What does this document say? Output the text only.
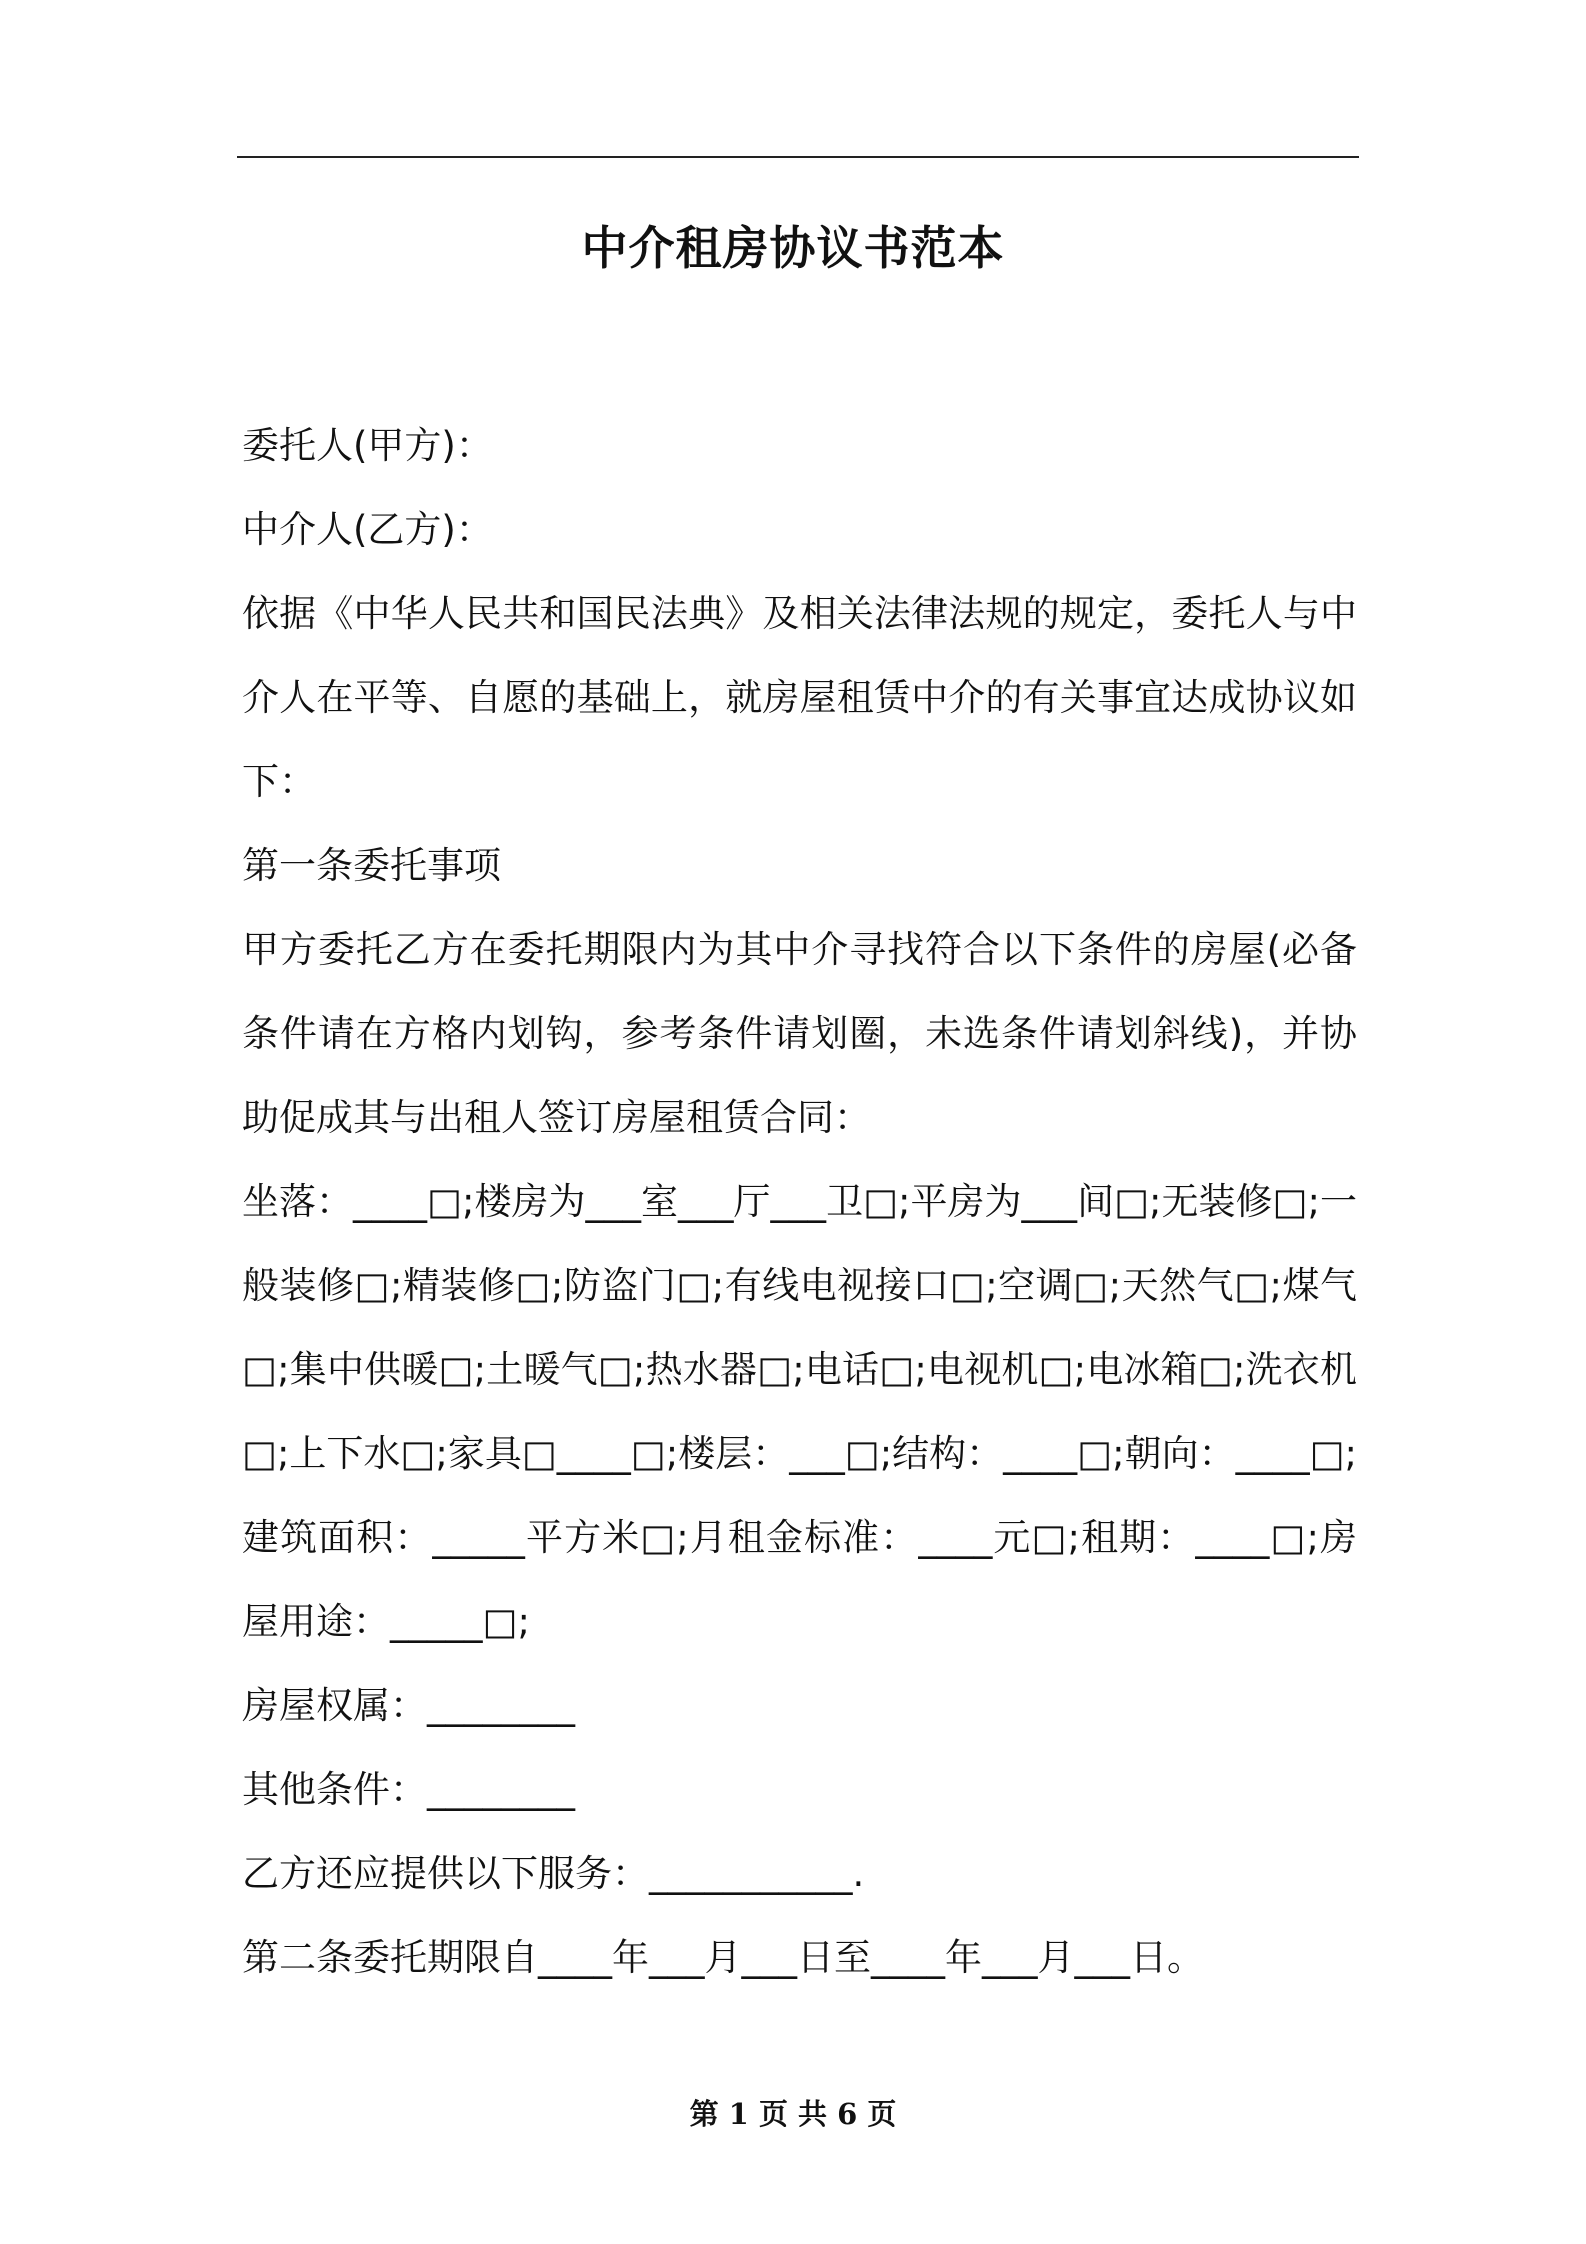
中介租房协议书范本

委托人(甲方)：

中介人(乙方)：

依据《中华人民共和国民法典》及相关法律法规的规定，委托人与中介人在平等、自愿的基础上，就房屋租赁中介的有关事宜达成协议如下：

第一条委托事项

甲方委托乙方在委托期限内为其中介寻找符合以下条件的房屋(必备条件请在方格内划钩，参考条件请划圈，未选条件请划斜线)，并协助促成其与出租人签订房屋租赁合同：

坐落：____□;楼房为___室___厅___卫□;平房为___间□;无装修□;一般装修□;精装修□;防盗门□;有线电视接口□;空调□;天然气□;煤气□;集中供暖□;土暖气□;热水器□;电话□;电视机□;电冰箱□;洗衣机□;上下水□;家具□____□;楼层：___□;结构：____□;朝向：____□;建筑面积：_____平方米□;月租金标准：____元□;租期：____□;房屋用途：_____□;

房屋权属：________

其他条件：________

乙方还应提供以下服务：___________.

第二条委托期限自____年___月___日至____年___月___日。

第 1 页 共 6 页
